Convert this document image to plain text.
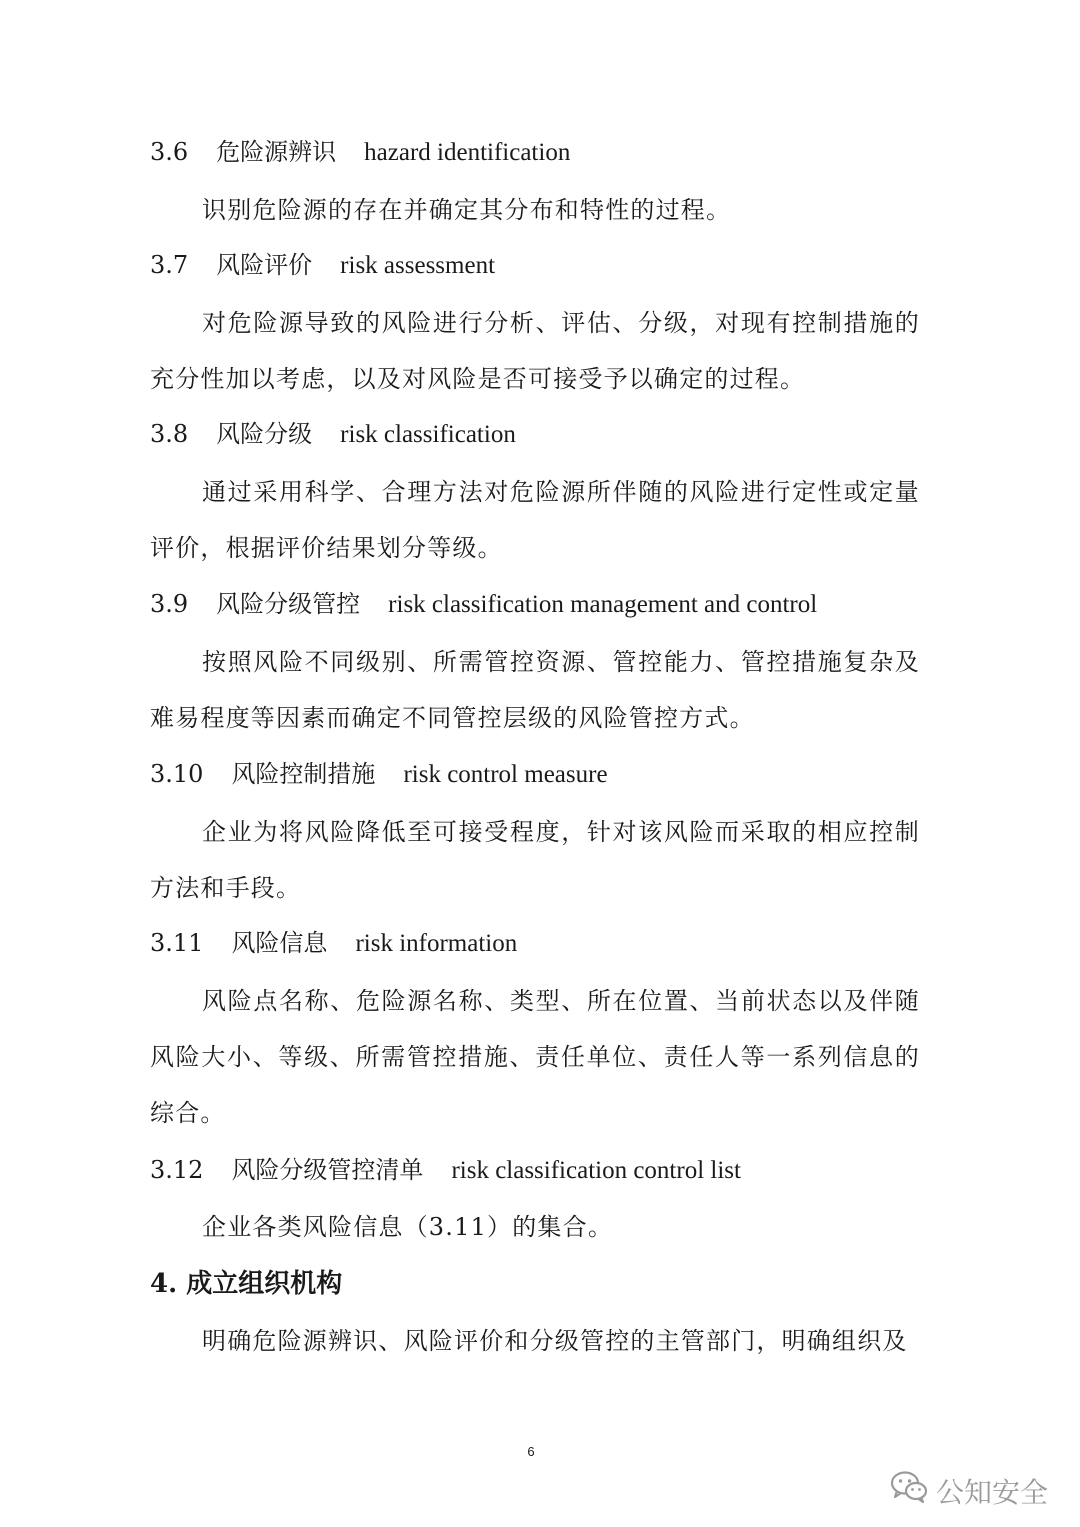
3.6 危险源辨识 hazard identification
识别危险源的存在并确定其分布和特性的过程。
3.7 风险评价 risk assessment
对危险源导致的风险进行分析、评估、分级，对现有控制措施的充分性加以考虑，以及对风险是否可接受予以确定的过程。
3.8 风险分级 risk classification
通过采用科学、合理方法对危险源所伴随的风险进行定性或定量评价，根据评价结果划分等级。
3.9 风险分级管控 risk classification management and control
按照风险不同级别、所需管控资源、管控能力、管控措施复杂及难易程度等因素而确定不同管控层级的风险管控方式。
3.10 风险控制措施 risk control measure
企业为将风险降低至可接受程度，针对该风险而采取的相应控制方法和手段。
3.11 风险信息 risk information
风险点名称、危险源名称、类型、所在位置、当前状态以及伴随风险大小、等级、所需管控措施、责任单位、责任人等一系列信息的综合。
3.12 风险分级管控清单 risk classification control list
企业各类风险信息（3.11）的集合。
4. 成立组织机构
明确危险源辨识、风险评价和分级管控的主管部门，明确组织及
6
公知安全
